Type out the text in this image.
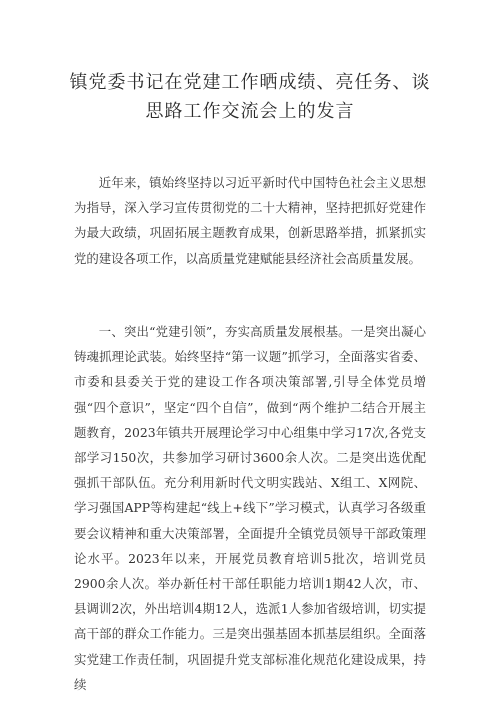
镇党委书记在党建工作晒成绩、亮任务、谈
思路工作交流会上的发言

近年来，镇始终坚持以习近平新时代中国特色社会主义思想为指导，深入学习宣传贯彻党的二十大精神，坚持把抓好党建作为最大政绩，巩固拓展主题教育成果，创新思路举措，抓紧抓实党的建设各项工作，以高质量党建赋能县经济社会高质量发展。

一、突出“党建引领”，夯实高质量发展根基。一是突出凝心铸魂抓理论武装。始终坚持“第一议题”抓学习，全面落实省委、市委和县委关于党的建设工作各项决策部署,引导全体党员增强“四个意识”，坚定“四个自信”，做到“两个维护二结合开展主题教育，2023年镇共开展理论学习中心组集中学习17次,各党支部学习150次，共参加学习研讨3600余人次。二是突出选优配强抓干部队伍。充分利用新时代文明实践站、X组工、X网院、学习强国APP等构建起“线上+线下”学习模式，认真学习各级重要会议精神和重大决策部署，全面提升全镇党员领导干部政策理论水平。2023年以来，开展党员教育培训5批次，培训党员2900余人次。举办新任村干部任职能力培训1期42人次，市、县调训2次，外出培训4期12人，选派1人参加省级培训，切实提高干部的群众工作能力。三是突出强基固本抓基层组织。全面落实党建工作责任制，巩固提升党支部标准化规范化建设成果，持续
